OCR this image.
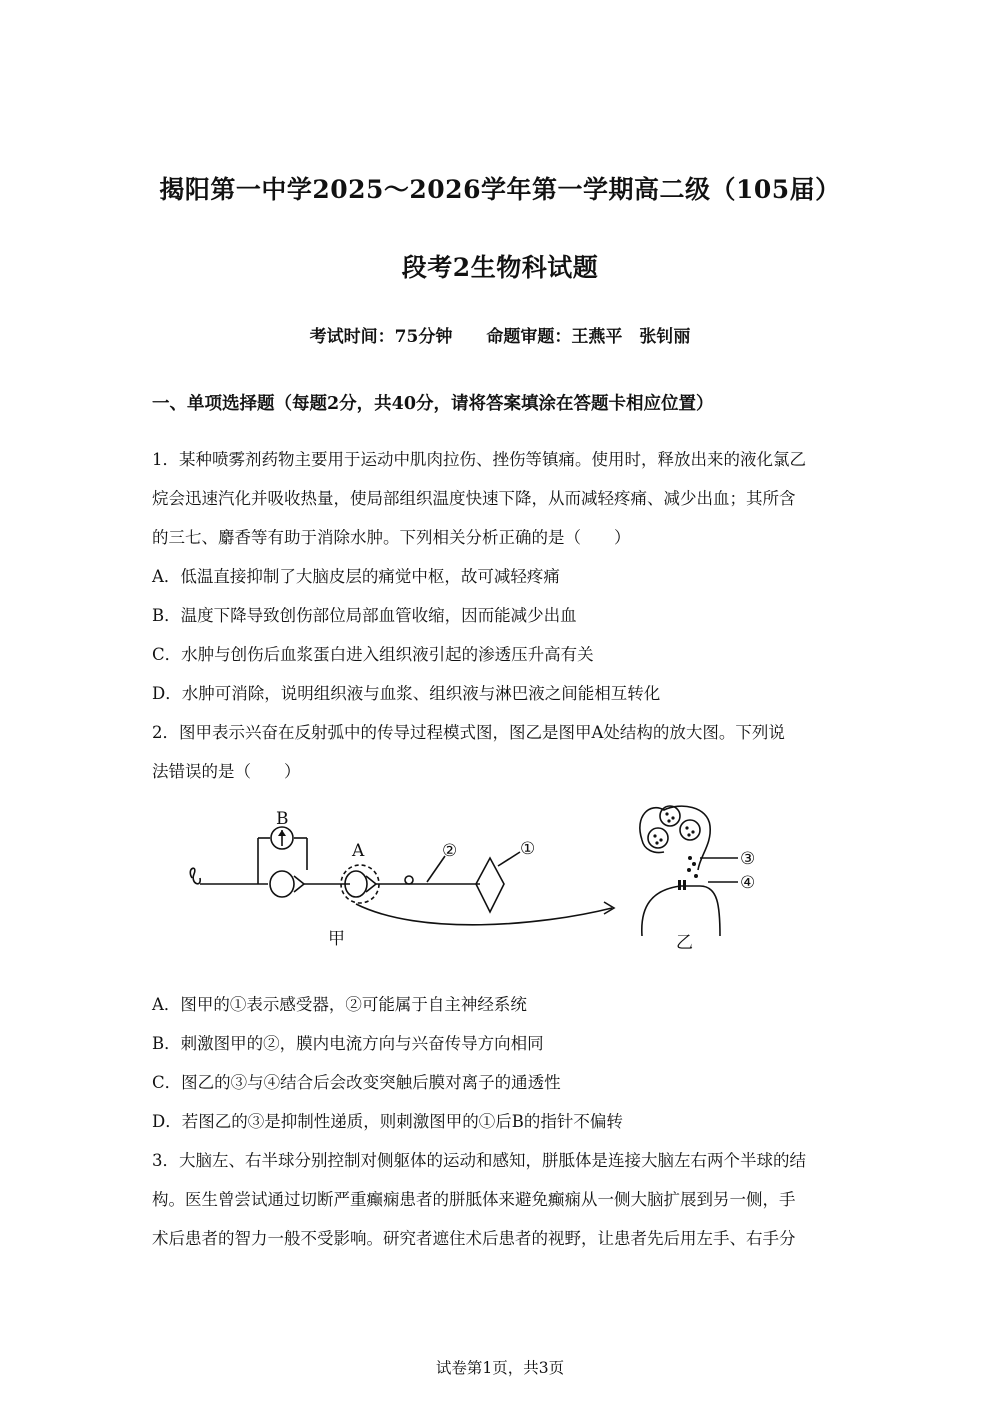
揭阳第一中学2025～2026学年第一学期高二级（105届）
段考2生物科试题
考试时间：75分钟 命题审题：王燕平　张钊丽
一、单项选择题（每题2分，共40分，请将答案填涂在答题卡相应位置）
1．某种喷雾剂药物主要用于运动中肌肉拉伤、挫伤等镇痛。使用时，释放出来的液化氯乙
烷会迅速汽化并吸收热量，使局部组织温度快速下降，从而减轻疼痛、减少出血；其所含
的三七、麝香等有助于消除水肿。下列相关分析正确的是（　　）
A．低温直接抑制了大脑皮层的痛觉中枢，故可减轻疼痛
B．温度下降导致创伤部位局部血管收缩，因而能减少出血
C．水肿与创伤后血浆蛋白进入组织液引起的渗透压升高有关
D．水肿可消除，说明组织液与血浆、组织液与淋巴液之间能相互转化
2．图甲表示兴奋在反射弧中的传导过程模式图，图乙是图甲A处结构的放大图。下列说
法错误的是（　　）
B
A	②	①	③
④
甲	乙
A．图甲的①表示感受器，②可能属于自主神经系统
B．刺激图甲的②，膜内电流方向与兴奋传导方向相同
C．图乙的③与④结合后会改变突触后膜对离子的通透性
D．若图乙的③是抑制性递质，则刺激图甲的①后B的指针不偏转
3．大脑左、右半球分别控制对侧躯体的运动和感知，胼胝体是连接大脑左右两个半球的结
构。医生曾尝试通过切断严重癫痫患者的胼胝体来避免癫痫从一侧大脑扩展到另一侧，手
术后患者的智力一般不受影响。研究者遮住术后患者的视野，让患者先后用左手、右手分
试卷第1页，共3页
